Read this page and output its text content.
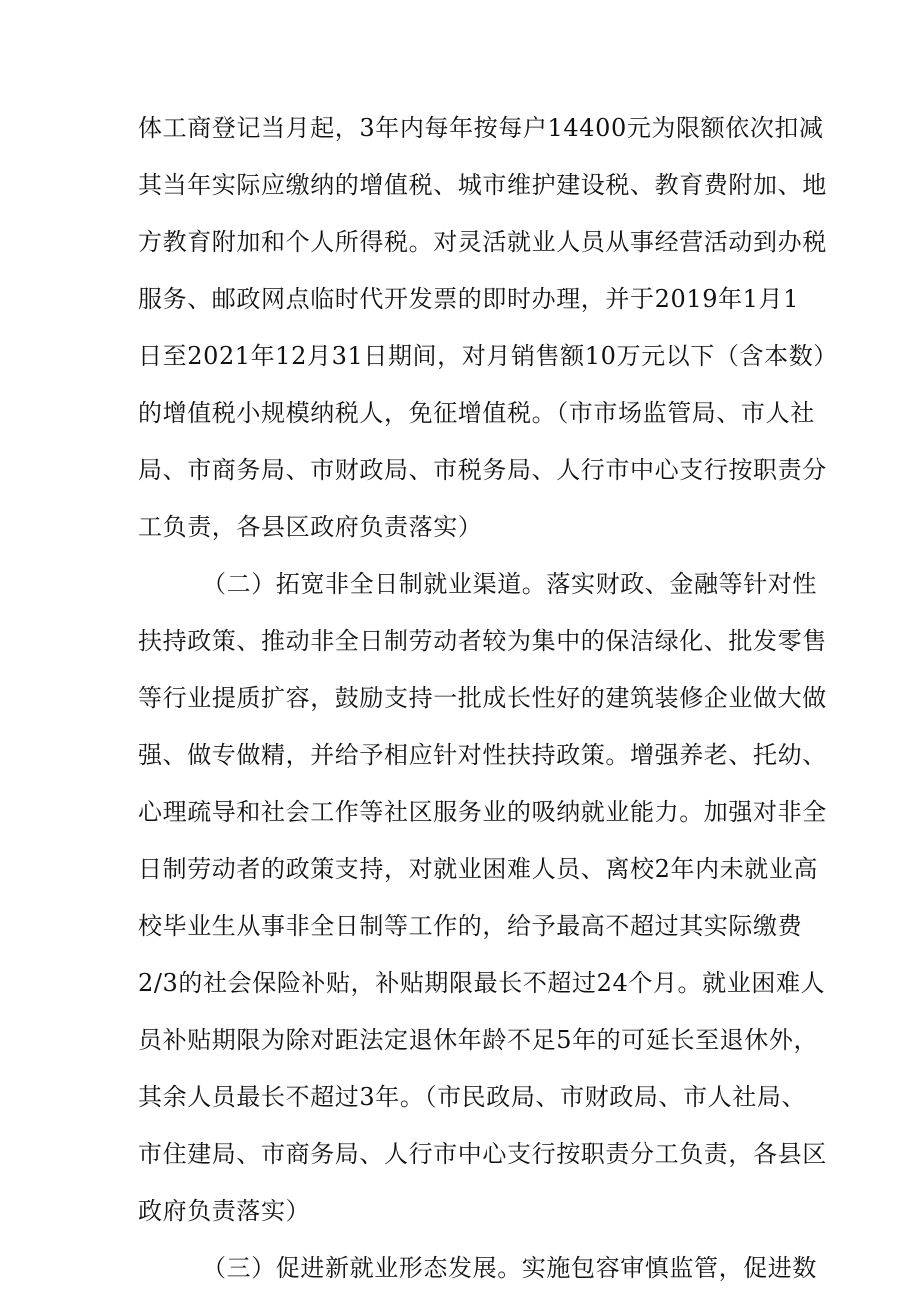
体工商登记当月起，3年内每年按每户14400元为限额依次扣减
其当年实际应缴纳的增值税、城市维护建设税、教育费附加、地
方教育附加和个人所得税。对灵活就业人员从事经营活动到办税
服务、邮政网点临时代开发票的即时办理，并于2019年1月1
日至2021年12月31日期间，对月销售额10万元以下（含本数）
的增值税小规模纳税人，免征增值税。（市市场监管局、市人社
局、市商务局、市财政局、市税务局、人行市中心支行按职责分
工负责，各县区政府负责落实）
（二）拓宽非全日制就业渠道。落实财政、金融等针对性
扶持政策、推动非全日制劳动者较为集中的保洁绿化、批发零售
等行业提质扩容，鼓励支持一批成长性好的建筑装修企业做大做
强、做专做精，并给予相应针对性扶持政策。增强养老、托幼、
心理疏导和社会工作等社区服务业的吸纳就业能力。加强对非全
日制劳动者的政策支持，对就业困难人员、离校2年内未就业高
校毕业生从事非全日制等工作的，给予最高不超过其实际缴费
2/3的社会保险补贴，补贴期限最长不超过24个月。就业困难人
员补贴期限为除对距法定退休年龄不足5年的可延长至退休外，
其余人员最长不超过3年。（市民政局、市财政局、市人社局、
市住建局、市商务局、人行市中心支行按职责分工负责，各县区
政府负责落实）
（三）促进新就业形态发展。实施包容审慎监管，促进数
